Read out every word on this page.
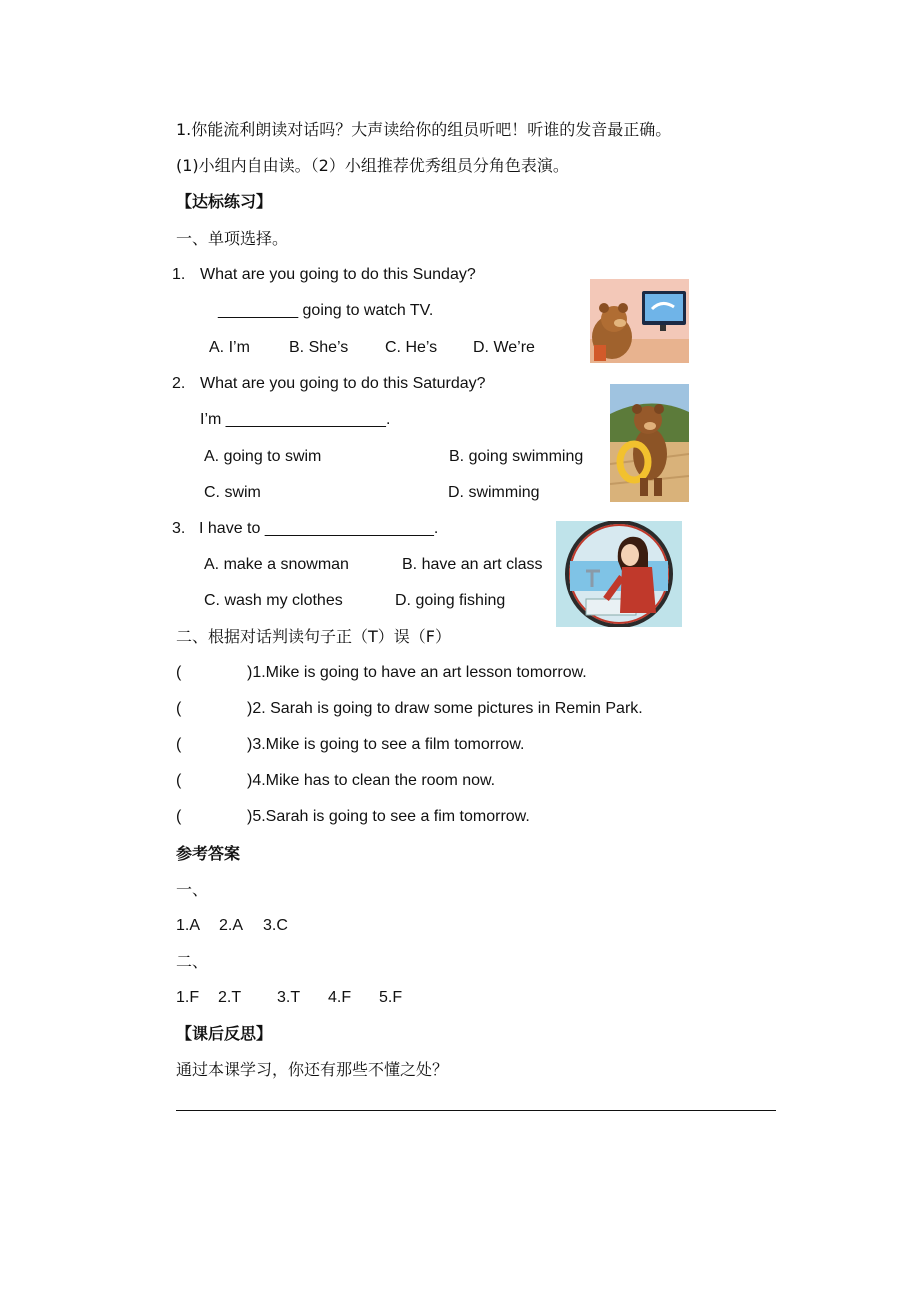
1.你能流利朗读对话吗？大声读给你的组员听吧！听谁的发音最正确。
(1)小组内自由读。（2）小组推荐优秀组员分角色表演。
【达标练习】
一、单项选择。
1. What are you going to do this Sunday?
_________ going to watch TV.
A. I’m B. She’s C. He’s D. We’re
2. What are you going to do this Saturday?
I’m __________________.
A. going to swim	B. going swimming
C. swim	D. swimming
3. I have to ___________________.
A. make a snowman	B. have an art class
C. wash my clothes	D. going fishing
二、根据对话判读句子正（T）误（F）
(	)1.Mike is going to have an art lesson tomorrow.
(	)2. Sarah is going to draw some pictures in Remin Park.
(	)3.Mike is going to see a film tomorrow.
(	)4.Mike has to clean the room now.
(	)5.Sarah is going to see a fim tomorrow.
参考答案
一、
1.A 2.A 3.C
二、
1.F 2.T 3.T 4.F 5.F
【课后反思】
通过本课学习，你还有那些不懂之处？
